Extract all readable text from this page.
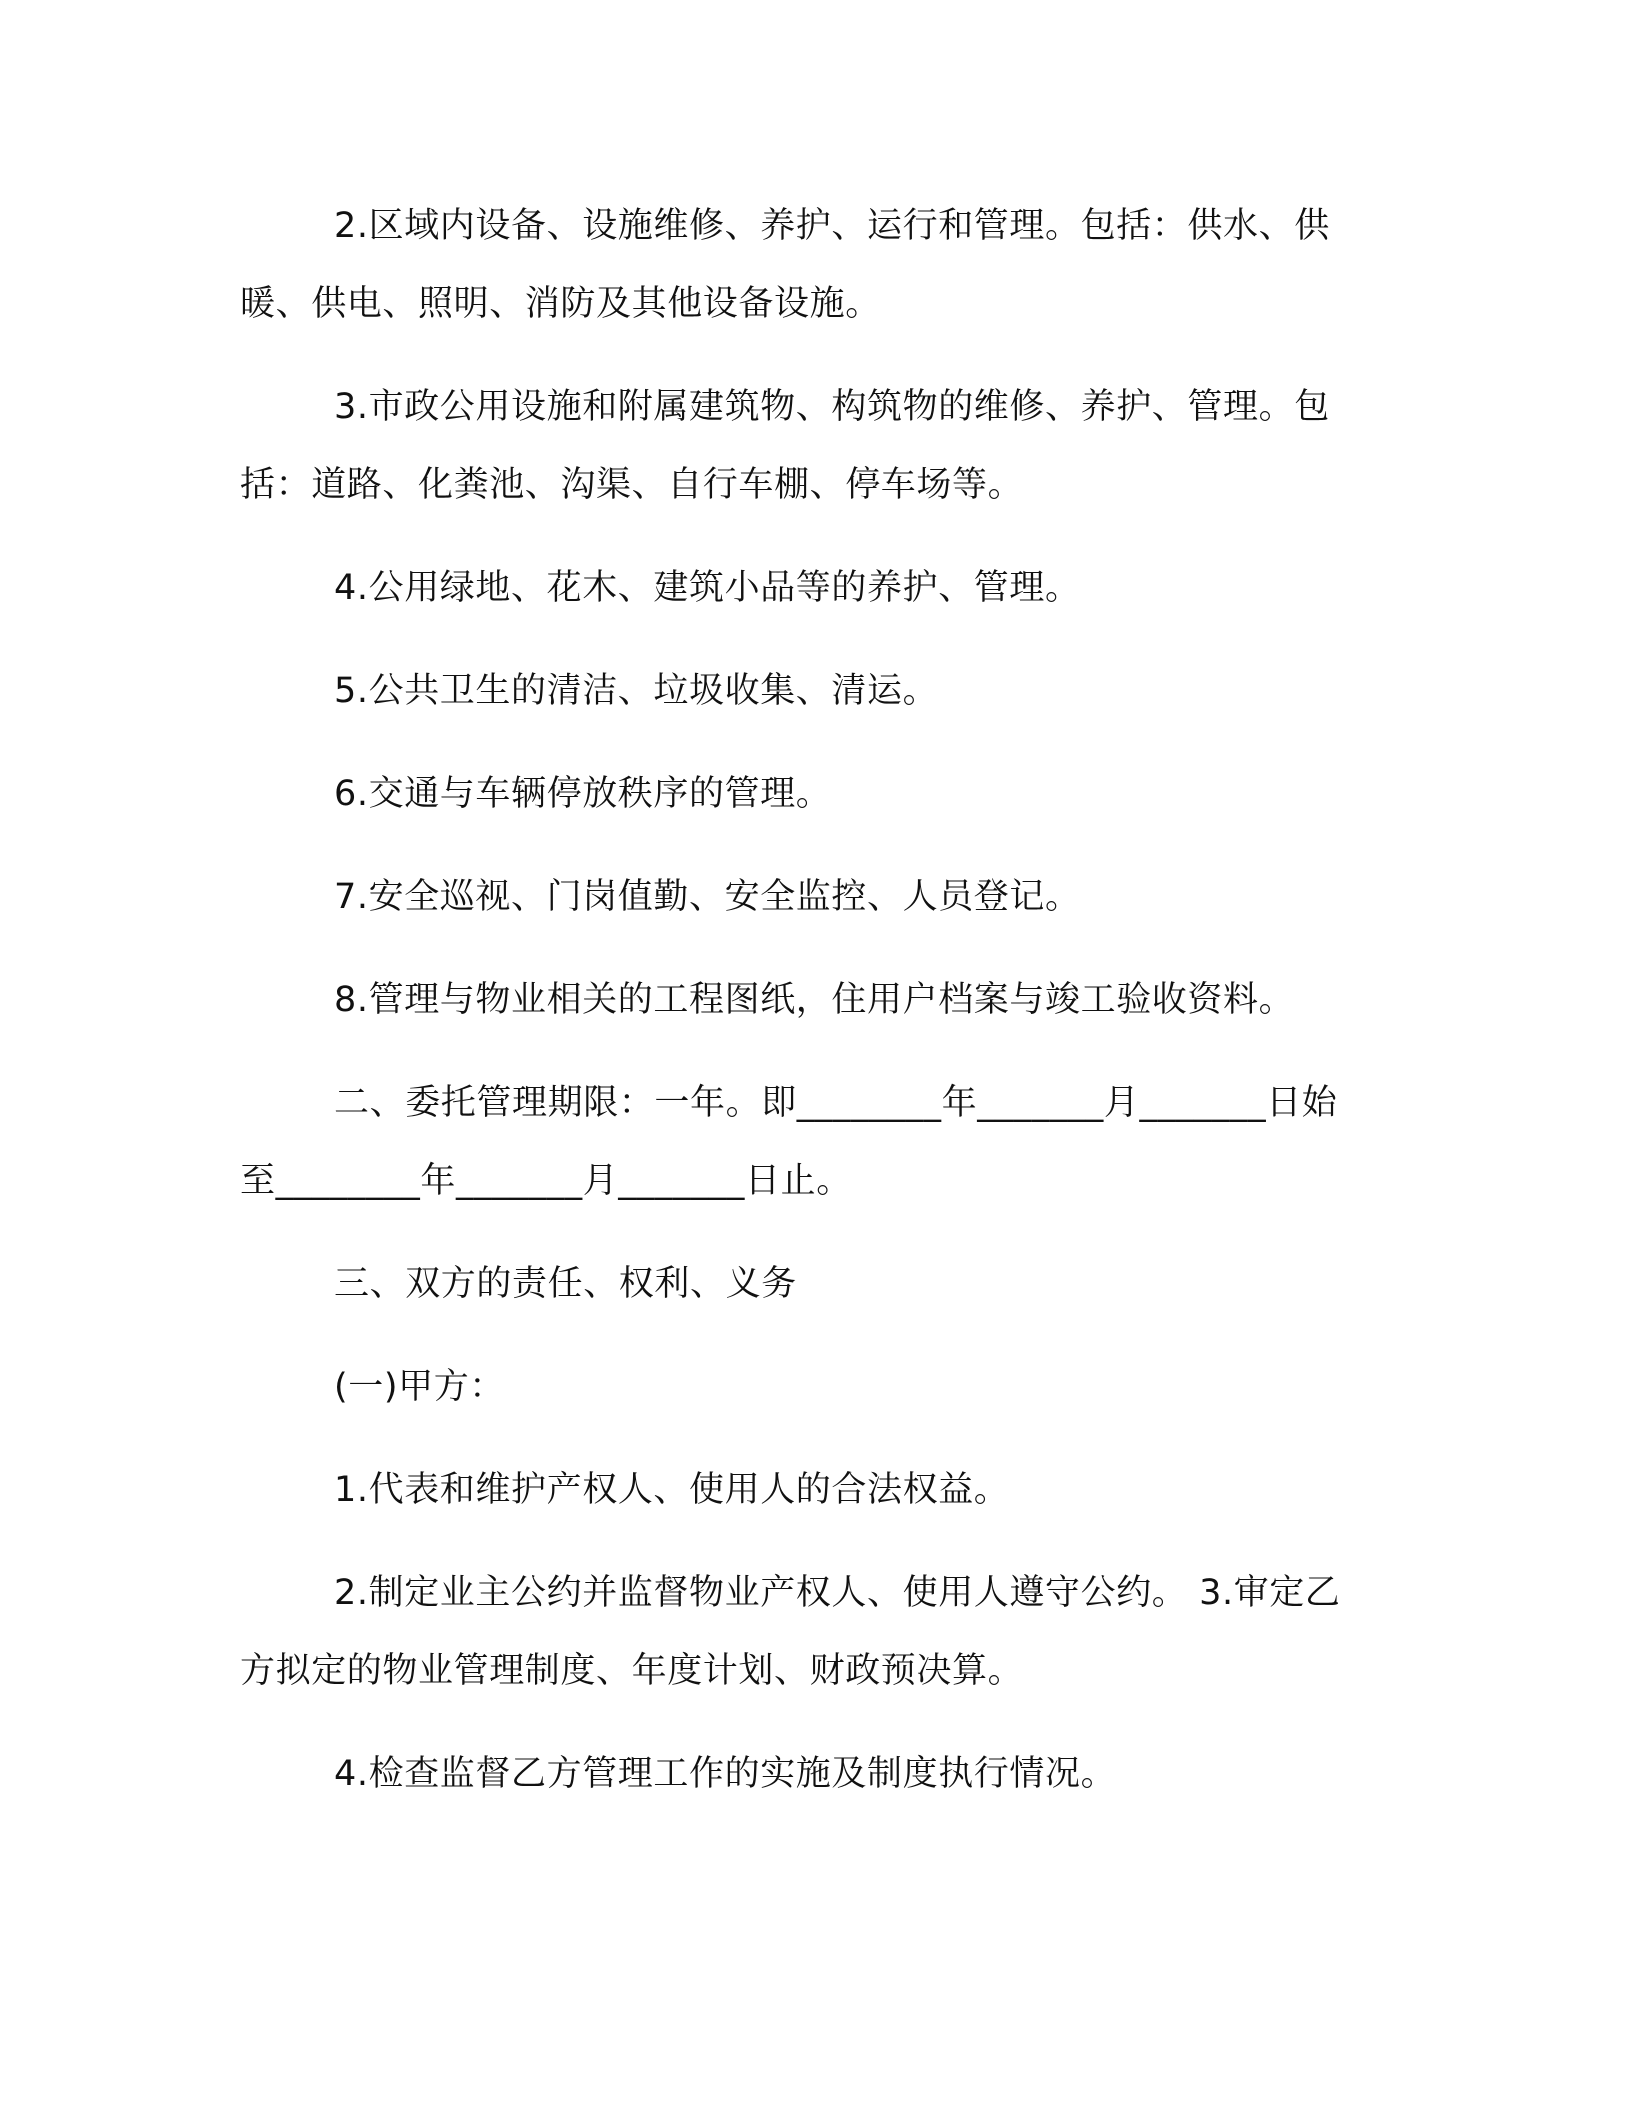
2.区域内设备、设施维修、养护、运行和管理。包括：供水、供暖、供电、照明、消防及其他设备设施。

3.市政公用设施和附属建筑物、构筑物的维修、养护、管理。包括：道路、化粪池、沟渠、自行车棚、停车场等。

4.公用绿地、花木、建筑小品等的养护、管理。

5.公共卫生的清洁、垃圾收集、清运。

6.交通与车辆停放秩序的管理。

7.安全巡视、门岗值勤、安全监控、人员登记。

8.管理与物业相关的工程图纸，住用户档案与竣工验收资料。

二、委托管理期限：一年。即________年_______月_______日始至________年_______月_______日止。

三、双方的责任、权利、义务

(一)甲方：

1.代表和维护产权人、使用人的合法权益。

2.制定业主公约并监督物业产权人、使用人遵守公约。 3.审定乙方拟定的物业管理制度、年度计划、财政预决算。

4.检查监督乙方管理工作的实施及制度执行情况。
